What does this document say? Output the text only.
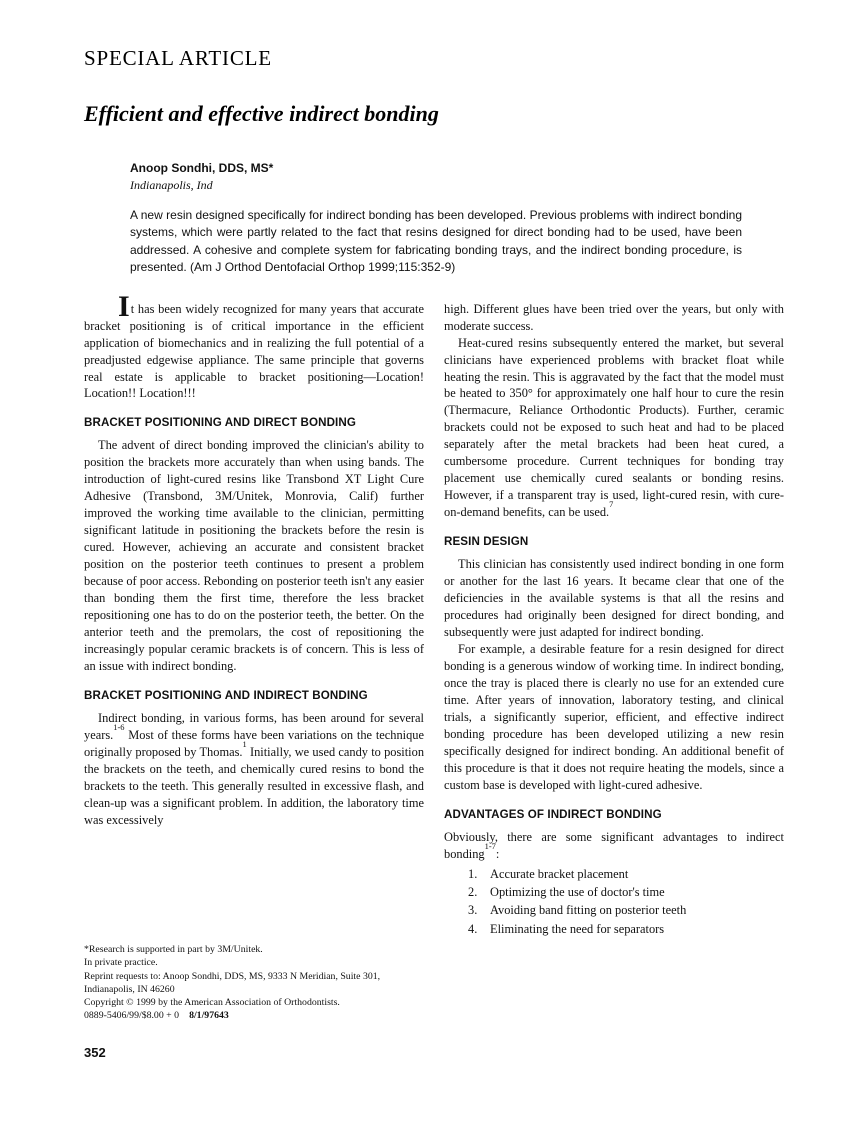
SPECIAL ARTICLE
Efficient and effective indirect bonding
Anoop Sondhi, DDS, MS*
Indianapolis, Ind
A new resin designed specifically for indirect bonding has been developed. Previous problems with indirect bonding systems, which were partly related to the fact that resins designed for direct bonding had to be used, have been addressed. A cohesive and complete system for fabricating bonding trays, and the indirect bonding procedure, is presented. (Am J Orthod Dentofacial Orthop 1999;115:352-9)

It has been widely recognized for many years that accurate bracket positioning is of critical importance in the efficient application of biomechanics and in realizing the full potential of a preadjusted edgewise appliance. The same principle that governs real estate is applicable to bracket positioning—Location! Location!! Location!!!

BRACKET POSITIONING AND DIRECT BONDING

The advent of direct bonding improved the clinician's ability to position the brackets more accurately than when using bands. The introduction of light-cured resins like Transbond XT Light Cure Adhesive (Transbond, 3M/Unitek, Monrovia, Calif) further improved the working time available to the clinician, permitting significant latitude in positioning the brackets before the resin is cured. However, achieving an accurate and consistent bracket position on the posterior teeth continues to present a problem because of poor access. Rebonding on posterior teeth isn't any easier than bonding them the first time, therefore the less bracket repositioning one has to do on the posterior teeth, the better. On the anterior teeth and the premolars, the cost of repositioning the increasingly popular ceramic brackets is of concern. This is less of an issue with indirect bonding.

BRACKET POSITIONING AND INDIRECT BONDING

Indirect bonding, in various forms, has been around for several years.$^{1-6}$ Most of these forms have been variations on the technique originally proposed by Thomas.$^1$ Initially, we used candy to position the brackets on the teeth, and chemically cured resins to bond the brackets to the teeth. This generally resulted in excessive flash, and clean-up was a significant problem. In addition, the laboratory time was excessively

*Research is supported in part by 3M/Unitek.
In private practice.
Reprint requests to: Anoop Sondhi, DDS, MS, 9333 N Meridian, Suite 301, Indianapolis, IN 46260
Copyright © 1999 by the American Association of Orthodontists.
0889-5406/99/$8.00 + 0 8/1/97643

high. Different glues have been tried over the years, but only with moderate success.

Heat-cured resins subsequently entered the market, but several clinicians have experienced problems with bracket float while heating the resin. This is aggravated by the fact that the model must be heated to 350° for approximately one half hour to cure the resin (Thermacure, Reliance Orthodontic Products). Further, ceramic brackets could not be exposed to such heat and had to be placed separately after the metal brackets had been heat cured, a cumbersome procedure. Current techniques for bonding tray placement use chemically cured sealants or bonding resins. However, if a transparent tray is used, light-cured resin, with cure-on-demand benefits, can be used.$^7$

RESIN DESIGN

This clinician has consistently used indirect bonding in one form or another for the last 16 years. It became clear that one of the deficiencies in the available systems is that all the resins and procedures had originally been designed for direct bonding, and subsequently were just adapted for indirect bonding.

For example, a desirable feature for a resin designed for direct bonding is a generous window of working time. In indirect bonding, once the tray is placed there is clearly no use for an extended cure time. After years of innovation, laboratory testing, and clinical trials, a significantly superior, efficient, and effective indirect bonding procedure has been developed utilizing a new resin specifically designed for indirect bonding. An additional benefit of this procedure is that it does not require heating the models, since a custom base is developed with light-cured adhesive.

ADVANTAGES OF INDIRECT BONDING

Obviously, there are some significant advantages to indirect bonding$^{1-7}$:

1.	Accurate bracket placement
2.	Optimizing the use of doctor's time
3.	Avoiding band fitting on posterior teeth
4.	Eliminating the need for separators
352
